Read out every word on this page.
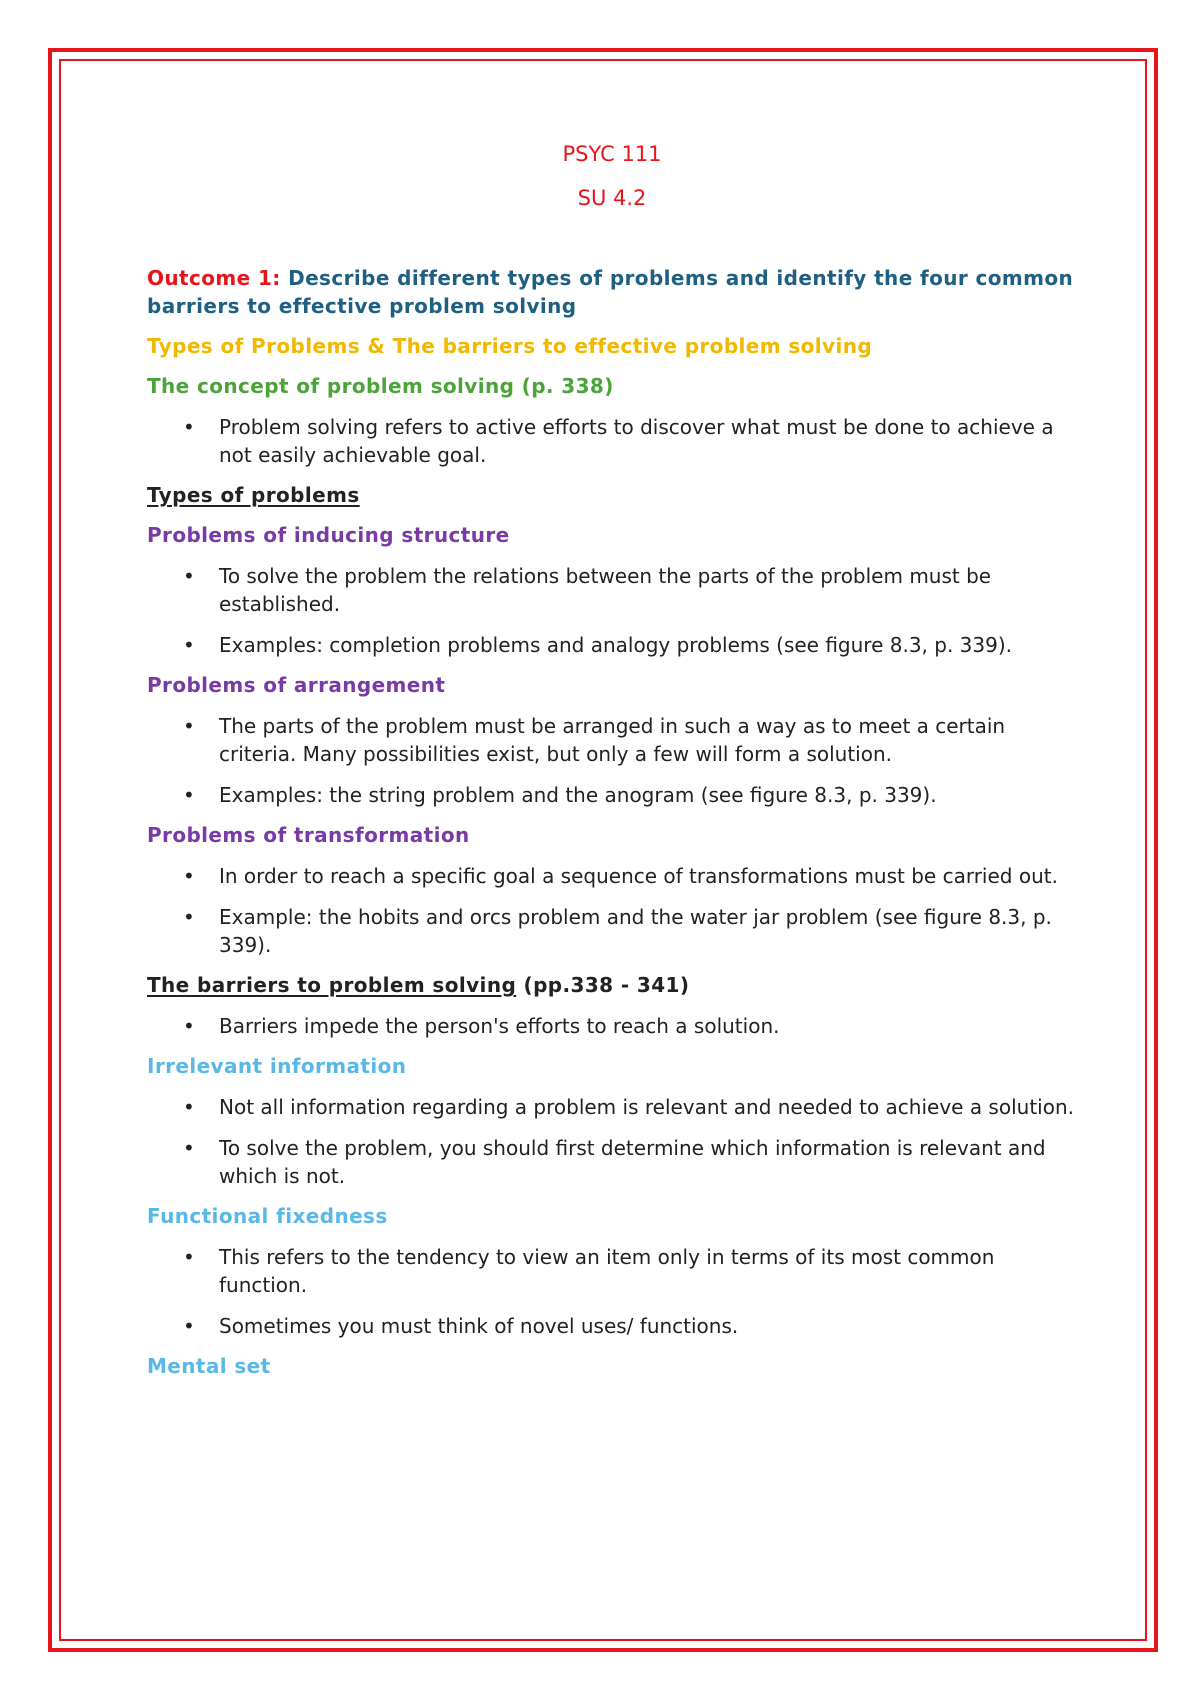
PSYC 111

SU 4.2

Outcome 1: Describe different types of problems and identify the four common barriers to effective problem solving

Types of Problems & The barriers to effective problem solving

The concept of problem solving (p. 338)

• Problem solving refers to active efforts to discover what must be done to achieve a not easily achievable goal.

Types of problems

Problems of inducing structure

• To solve the problem the relations between the parts of the problem must be established.
• Examples: completion problems and analogy problems (see figure 8.3, p. 339).

Problems of arrangement

• The parts of the problem must be arranged in such a way as to meet a certain criteria. Many possibilities exist, but only a few will form a solution.
• Examples: the string problem and the anogram (see figure 8.3, p. 339).

Problems of transformation

• In order to reach a specific goal a sequence of transformations must be carried out.
• Example: the hobits and orcs problem and the water jar problem (see figure 8.3, p. 339).

The barriers to problem solving (pp.338 - 341)

• Barriers impede the person's efforts to reach a solution.

Irrelevant information

• Not all information regarding a problem is relevant and needed to achieve a solution.
• To solve the problem, you should first determine which information is relevant and which is not.

Functional fixedness

• This refers to the tendency to view an item only in terms of its most common function.
• Sometimes you must think of novel uses/ functions.

Mental set
